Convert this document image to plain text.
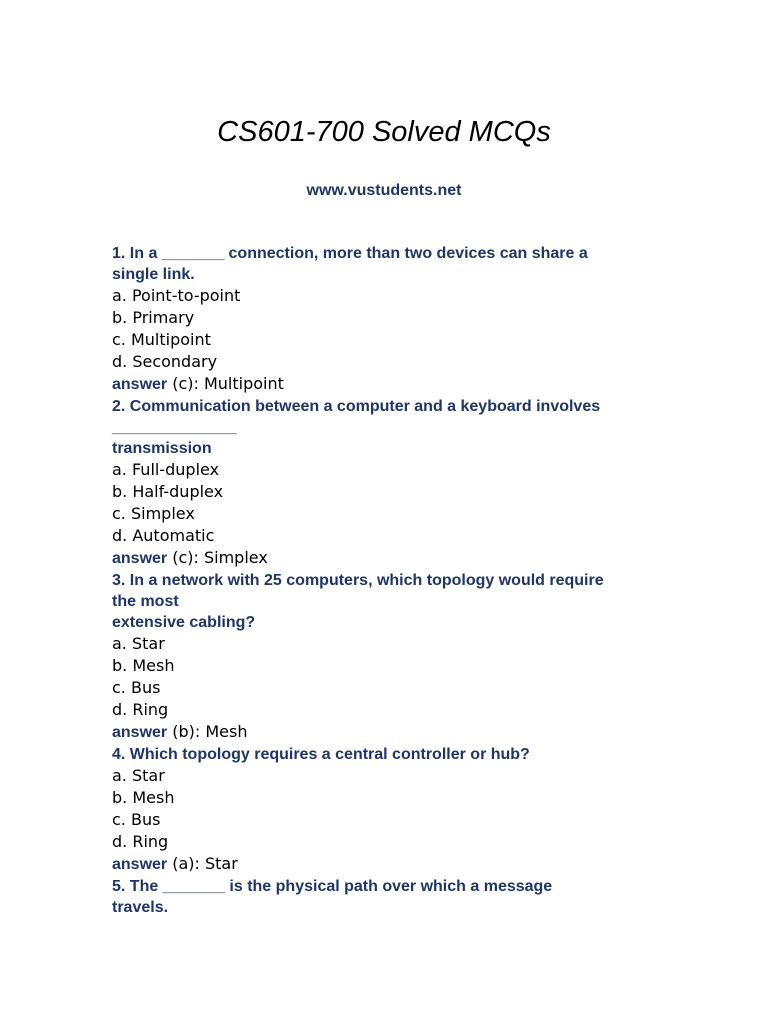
CS601-700 Solved MCQs
www.vustudents.net
1. In a _______ connection, more than two devices can share a
single link.
a. Point-to-point
b. Primary
c. Multipoint
d. Secondary
answer (c): Multipoint
2. Communication between a computer and a keyboard involves
______________
transmission
a. Full-duplex
b. Half-duplex
c. Simplex
d. Automatic
answer (c): Simplex
3. In a network with 25 computers, which topology would require
the most
extensive cabling?
a. Star
b. Mesh
c. Bus
d. Ring
answer (b): Mesh
4. Which topology requires a central controller or hub?
a. Star
b. Mesh
c. Bus
d. Ring
answer (a): Star
5. The _______ is the physical path over which a message
travels.
